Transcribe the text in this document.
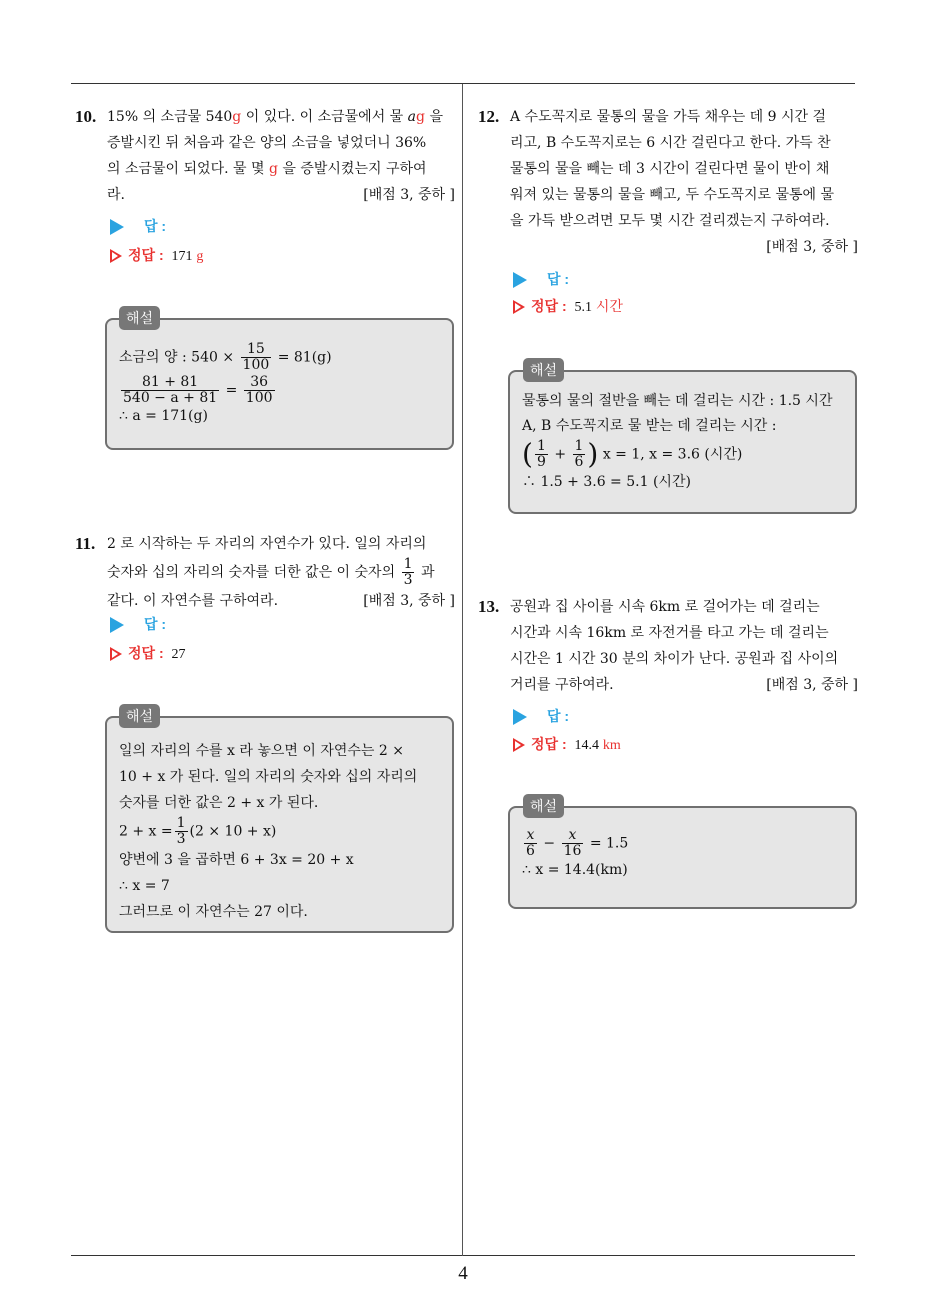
10. 15% 의 소금물 540g 이 있다. 이 소금물에서 물 ag 을
증발시킨 뒤 처음과 같은 양의 소금을 넣었더니 36%
의 소금물이 되었다. 물 몇 g 을 증발시켰는지 구하여
라.	[배점 3, 중하 ]
답 :
정답 : 171 g
소금의 양 : $540 \times \frac{15}{100} = 81(g)$
$\frac{81 + 81}{540 - a + 81} = \frac{36}{100}$
∴ a = 171(g)
해설
11. 2 로 시작하는 두 자리의 자연수가 있다. 일의 자리의
숫자와 십의 자리의 숫자를 더한 값은 이 숫자의 $\frac{1}{3}$ 과
같다. 이 자연수를 구하여라.	[배점 3, 중하 ]
답 :
정답 : 27
일의 자리의 수를 x 라 놓으면 이 자연수는 2 ×
10 + x 가 된다. 일의 자리의 숫자와 십의 자리의
숫자를 더한 값은 2 + x 가 된다.
$2 + x = \frac{1}{3} (2 \times 10 + x)$
양변에 3 을 곱하면 6 + 3x = 20 + x
∴ x = 7
그러므로 이 자연수는 27 이다.
해설
12. A 수도꼭지로 물통의 물을 가득 채우는 데 9 시간 걸
리고, B 수도꼭지로는 6 시간 걸린다고 한다. 가득 찬
물통의 물을 빼는 데 3 시간이 걸린다면 물이 반이 채
워져 있는 물통의 물을 빼고, 두 수도꼭지로 물통에 물
을 가득 받으려면 모두 몇 시간 걸리겠는지 구하여라.
[배점 3, 중하 ]
답 :
정답 : 5.1 시간
물통의 물의 절반을 빼는 데 걸리는 시간 : 1.5 시간
A, B 수도꼭지로 물 받는 데 걸리는 시간 :
( $\frac{1}{9} + \frac{1}{6}$ ) x = 1, x = 3.6 (시간)
∴ 1.5 + 3.6 = 5.1 (시간)
해설
13. 공원과 집 사이를 시속 6km 로 걸어가는 데 걸리는
시간과 시속 16km 로 자전거를 타고 가는 데 걸리는
시간은 1 시간 30 분의 차이가 난다. 공원과 집 사이의
거리를 구하여라.	[배점 3, 중하 ]
답 :
정답 : 14.4 km
$\frac{x}{6} - \frac{x}{16} = 1.5$
∴ x = 14.4(km)
해설
4
